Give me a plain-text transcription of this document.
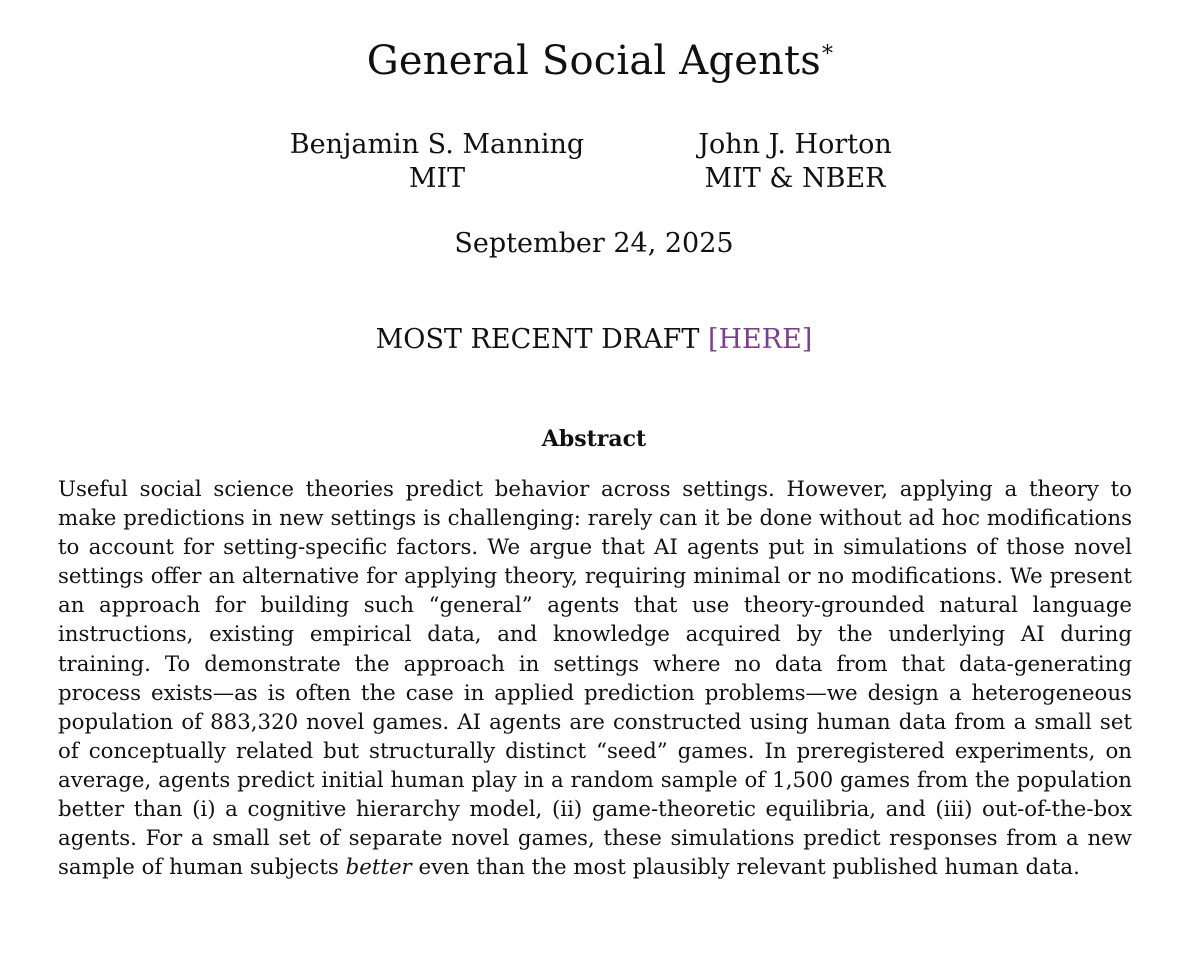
General Social Agents*
Benjamin S. Manning
MIT
John J. Horton
MIT & NBER
September 24, 2025
MOST RECENT DRAFT [HERE]
Abstract
Useful social science theories predict behavior across settings. However, applying a theory to make predictions in new settings is challenging: rarely can it be done without ad hoc modifications to account for setting-specific factors. We argue that AI agents put in simulations of those novel settings offer an alternative for applying theory, requiring minimal or no modifications. We present an approach for building such “general” agents that use theory-grounded natural language instructions, existing empirical data, and knowledge acquired by the underlying AI during training. To demonstrate the approach in settings where no data from that data-generating process exists—as is often the case in applied prediction problems—we design a heterogeneous population of 883,320 novel games. AI agents are constructed using human data from a small set of conceptually related but structurally distinct “seed” games. In preregistered experiments, on average, agents predict initial human play in a random sample of 1,500 games from the population better than (i) a cognitive hierarchy model, (ii) game-theoretic equilibria, and (iii) out-of-the-box agents. For a small set of separate novel games, these simulations predict responses from a new sample of human subjects better even than the most plausibly relevant published human data.
